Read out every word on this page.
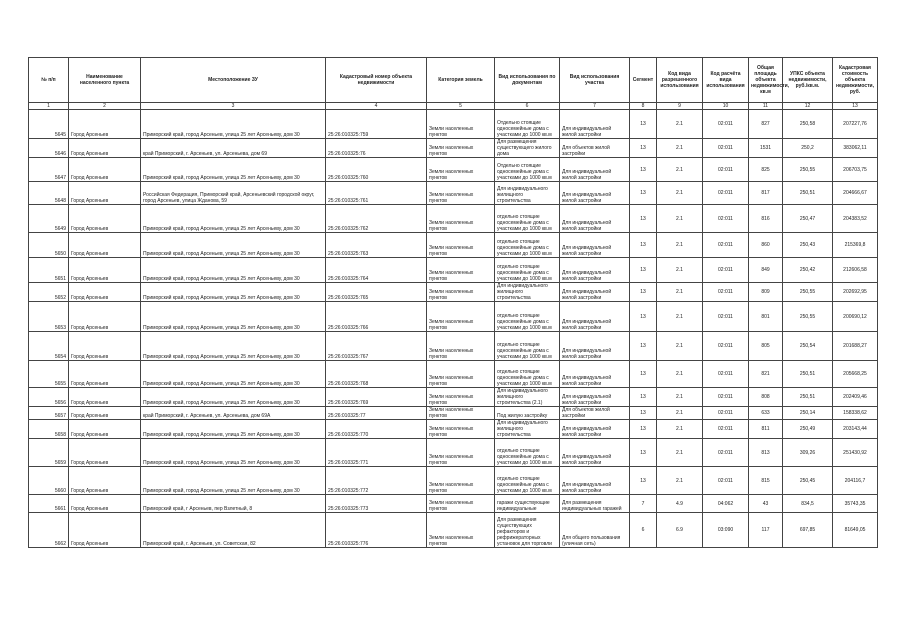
№ п/п	Наименование населенного пункта	Местоположение ЗУ	Кадастровый номер объекта недвижимости	Категория земель	Вид использования по документам	Вид использования участка	Сегмент	Код вида разрешенного использования	Код расчёта вида использования	Общая площадь объекта недвижимости, кв.м	УПКС объекта недвижимости, руб./кв.м.	Кадастровая стоимость объекта недвижимости, руб.
1	2	3	4	5	6	7	8	9	10	11	12	13
5645	Город Арсеньев	Приморский край, город Арсеньев, улица 25 лет Арсеньеву, дом 30	25:26:010325:759	Земли населенных пунктов	Отдельно стоящие односемейные дома с участками до 1000 кв.м	Для индивидуальной жилой застройки	13	2.1	02:011	827	250,58	207227,76
5646	Город Арсеньев	край Приморский, г. Арсеньев, ул. Арсеньева, дом 69	25:26:010325:76	Земли населенных пунктов	Для размещения существующего жилого дома	Для объектов жилой застройки	13	2.1	02:011	1531	250,2	383062,11
5647	Город Арсеньев	Приморский край, город Арсеньев, улица 25 лет Арсеньеву, дом 30	25:26:010325:760	Земли населенных пунктов	Отдельно стоящие односемейные дома с участками до 1000 кв.м	Для индивидуальной жилой застройки	13	2.1	02:011	825	250,55	206703,75
5648	Город Арсеньев	Российская Федерация, Приморский край, Арсеньевский городской округ, город Арсеньев, улица Жданова, 59	25:26:010325:761	Земли населенных пунктов	Для индивидуального жилищного строительства	Для индивидуальной жилой застройки	13	2.1	02:011	817	250,51	204666,67
5649	Город Арсеньев	Приморский край, город Арсеньев, улица 25 лет Арсеньеву, дом 30	25:26:010325:762	Земли населенных пунктов	отдельно стоящие односемейные дома с участками до 1000 кв.м	Для индивидуальной жилой застройки	13	2.1	02:011	816	250,47	204383,52
5650	Город Арсеньев	Приморский край, город Арсеньев, улица 25 лет Арсеньеву, дом 30	25:26:010325:763	Земли населенных пунктов	отдельно стоящие односемейные дома с участками до 1000 кв.м	Для индивидуальной жилой застройки	13	2.1	02:011	860	250,43	215369,8
5651	Город Арсеньев	Приморский край, город Арсеньев, улица 25 лет Арсеньеву, дом 30	25:26:010325:764	Земли населенных пунктов	отдельно стоящие односемейные дома с участками до 1000 кв.м	Для индивидуальной жилой застройки	13	2.1	02:011	849	250,42	212606,58
5652	Город Арсеньев	Приморский край, город Арсеньев, улица 25 лет Арсеньеву, дом 30	25:26:010325:765	Земли населенных пунктов	Для индивидуального жилищного строительства	Для индивидуальной жилой застройки	13	2.1	02:011	809	250,55	202692,95
5653	Город Арсеньев	Приморский край, город Арсеньев, улица 25 лет Арсеньеву, дом 30	25:26:010325:766	Земли населенных пунктов	отдельно стоящие односемейные дома с участками до 1000 кв.м	Для индивидуальной жилой застройки	13	2.1	02:011	801	250,55	200690,12
5654	Город Арсеньев	Приморский край, город Арсеньев, улица 25 лет Арсеньеву, дом 30	25:26:010325:767	Земли населенных пунктов	отдельно стоящие односемейные дома с участками до 1000 кв.м	Для индивидуальной жилой застройки	13	2.1	02:011	805	250,54	201688,27
5655	Город Арсеньев	Приморский край, город Арсеньев, улица 25 лет Арсеньеву, дом 30	25:26:010325:768	Земли населенных пунктов	отдельно стоящие односемейные дома с участками до 1000 кв.м	Для индивидуальной жилой застройки	13	2.1	02:011	821	250,51	205668,25
5656	Город Арсеньев	Приморский край, город Арсеньев, улица 25 лет Арсеньеву, дом 30	25:26:010325:769	Земли населенных пунктов	Для индивидуального жилищного строительства (2.1)	Для индивидуальной жилой застройки	13	2.1	02:011	808	250,51	202409,46
5657	Город Арсеньев	край Приморский, г. Арсеньев, ул. Арсеньева, дом 69А	25:26:010325:77	Земли населенных пунктов	Под жилую застройку	Для объектов жилой застройки	13	2.1	02:011	633	250,14	158338,62
5658	Город Арсеньев	Приморский край, город Арсеньев, улица 25 лет Арсеньеву, дом 30	25:26:010325:770	Земли населенных пунктов	Для индивидуального жилищного строительства	Для индивидуальной жилой застройки	13	2.1	02:011	811	250,49	203143,44
5659	Город Арсеньев	Приморский край, город Арсеньев, улица 25 лет Арсеньеву, дом 30	25:26:010325:771	Земли населенных пунктов	отдельно стоящие односемейные дома с участками до 1000 кв.м	Для индивидуальной жилой застройки	13	2.1	02:011	813	309,26	251430,92
5660	Город Арсеньев	Приморский край, город Арсеньев, улица 25 лет Арсеньеву, дом 30	25:26:010325:772	Земли населенных пунктов	отдельно стоящие односемейные дома с участками до 1000 кв.м	Для индивидуальной жилой застройки	13	2.1	02:011	815	250,45	204116,7
5661	Город Арсеньев	Приморский край, г Арсеньев, пер Взлетный, 8	25:26:010325:773	Земли населенных пунктов	гаражи существующие индивидуальные	Для размещения индивидуальных гаражей	7	4.9	04:062	43	834,5	35743,35
5662	Город Арсеньев	Приморский край, г. Арсеньев, ул. Советская, 82	25:26:010325:776	Земли населенных пунктов	Для размещения существующих рефакторов и рефрижераторных установок для торговли	Для общего пользования (уличная сеть)	6	6.9	03:090	117	697,85	81649,05
